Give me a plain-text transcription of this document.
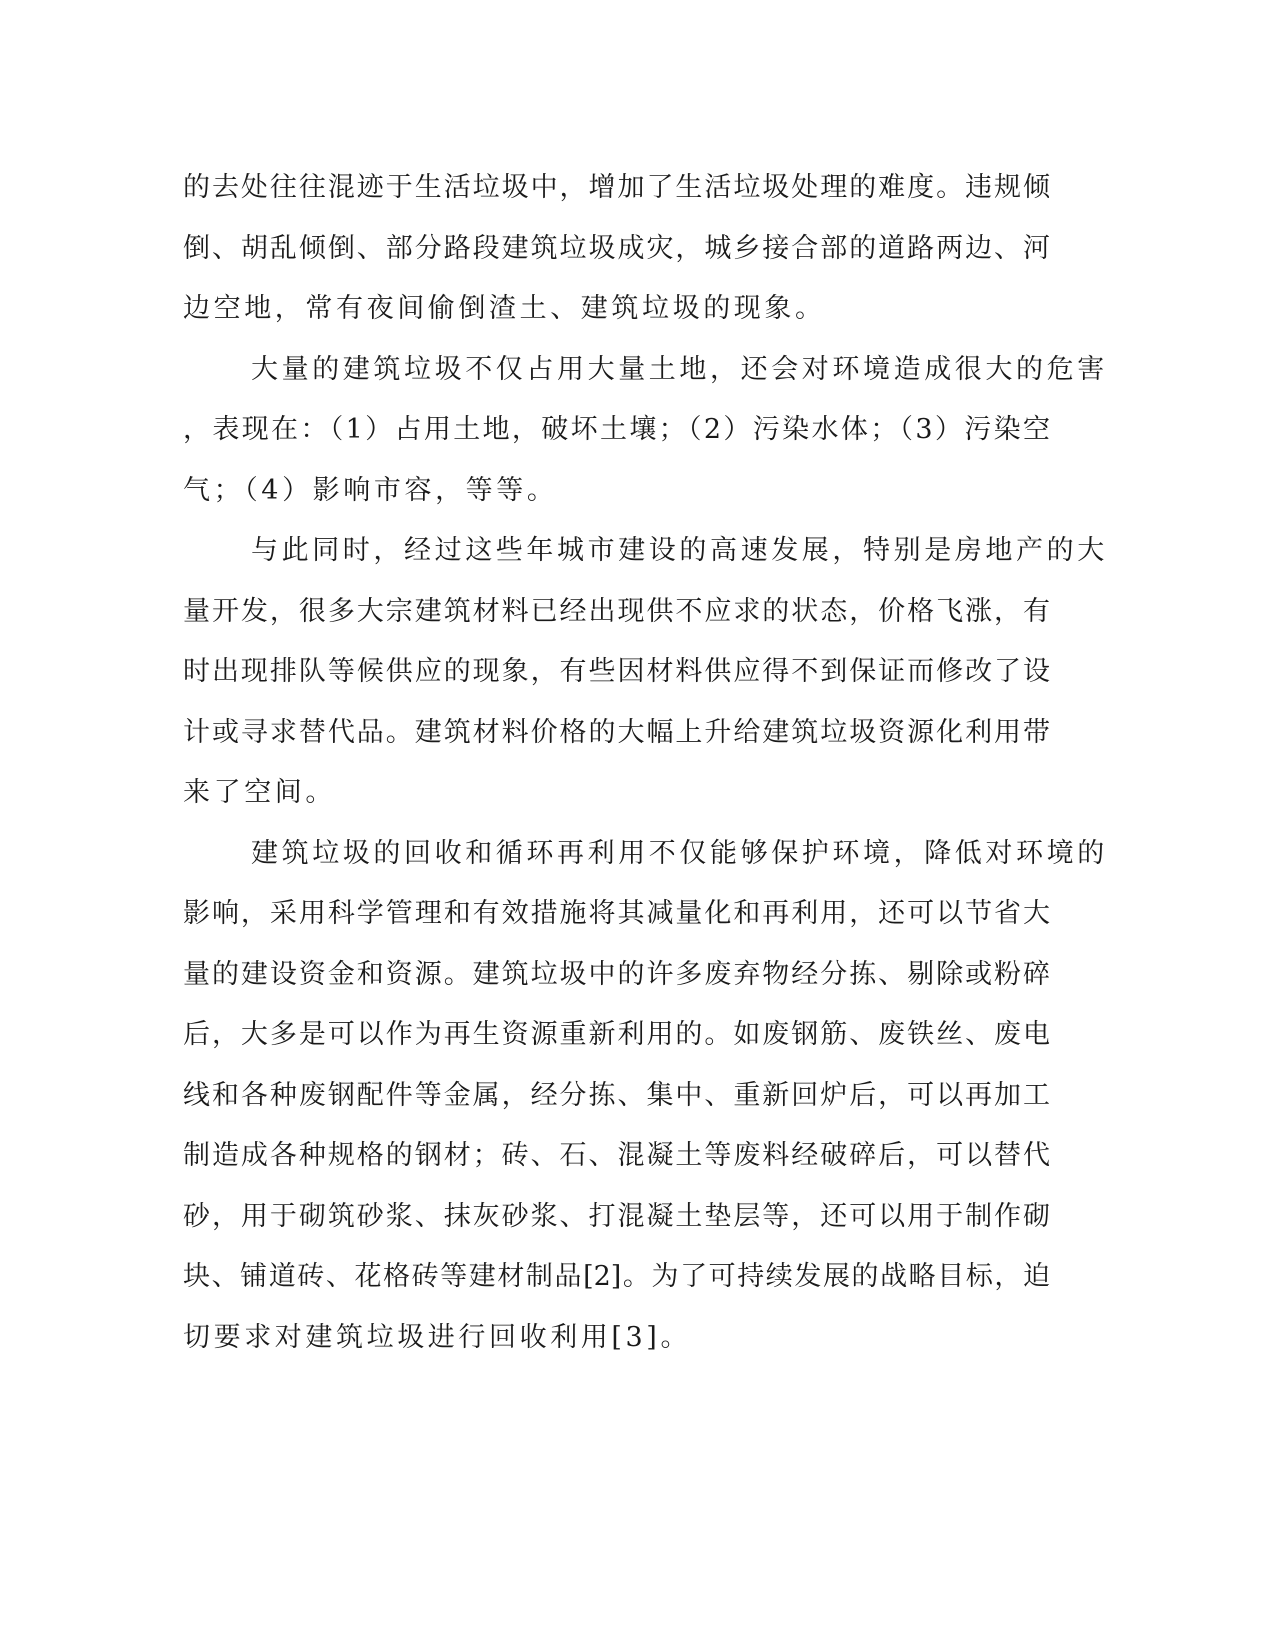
的去处往往混迹于生活垃圾中，增加了生活垃圾处理的难度。违规倾
倒、胡乱倾倒、部分路段建筑垃圾成灾，城乡接合部的道路两边、河
边空地，常有夜间偷倒渣土、建筑垃圾的现象。
大量的建筑垃圾不仅占用大量土地，还会对环境造成很大的危害
，表现在：（1）占用土地，破坏土壤；（2）污染水体；（3）污染空
气；（4）影响市容，等等。
与此同时，经过这些年城市建设的高速发展，特别是房地产的大
量开发，很多大宗建筑材料已经出现供不应求的状态，价格飞涨，有
时出现排队等候供应的现象，有些因材料供应得不到保证而修改了设
计或寻求替代品。建筑材料价格的大幅上升给建筑垃圾资源化利用带
来了空间。
建筑垃圾的回收和循环再利用不仅能够保护环境，降低对环境的
影响，采用科学管理和有效措施将其减量化和再利用，还可以节省大
量的建设资金和资源。建筑垃圾中的许多废弃物经分拣、剔除或粉碎
后，大多是可以作为再生资源重新利用的。如废钢筋、废铁丝、废电
线和各种废钢配件等金属，经分拣、集中、重新回炉后，可以再加工
制造成各种规格的钢材；砖、石、混凝土等废料经破碎后，可以替代
砂，用于砌筑砂浆、抹灰砂浆、打混凝土垫层等，还可以用于制作砌
块、铺道砖、花格砖等建材制品[2]。为了可持续发展的战略目标，迫
切要求对建筑垃圾进行回收利用[3]。
